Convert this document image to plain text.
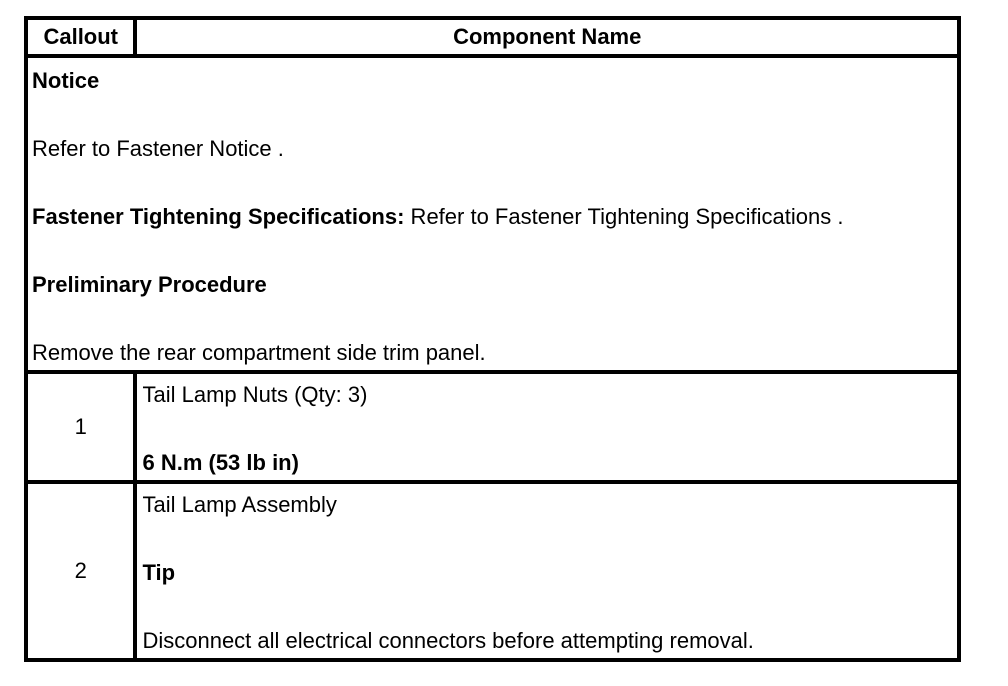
Callout	Component Name

Notice

Refer to Fastener Notice .

Fastener Tightening Specifications: Refer to Fastener Tightening Specifications .

Preliminary Procedure

Remove the rear compartment side trim panel.	

1	Tail Lamp Nuts (Qty: 3)

6 N.m (53 lb in)

2	Tail Lamp Assembly

Tip

Disconnect all electrical connectors before attempting removal.
